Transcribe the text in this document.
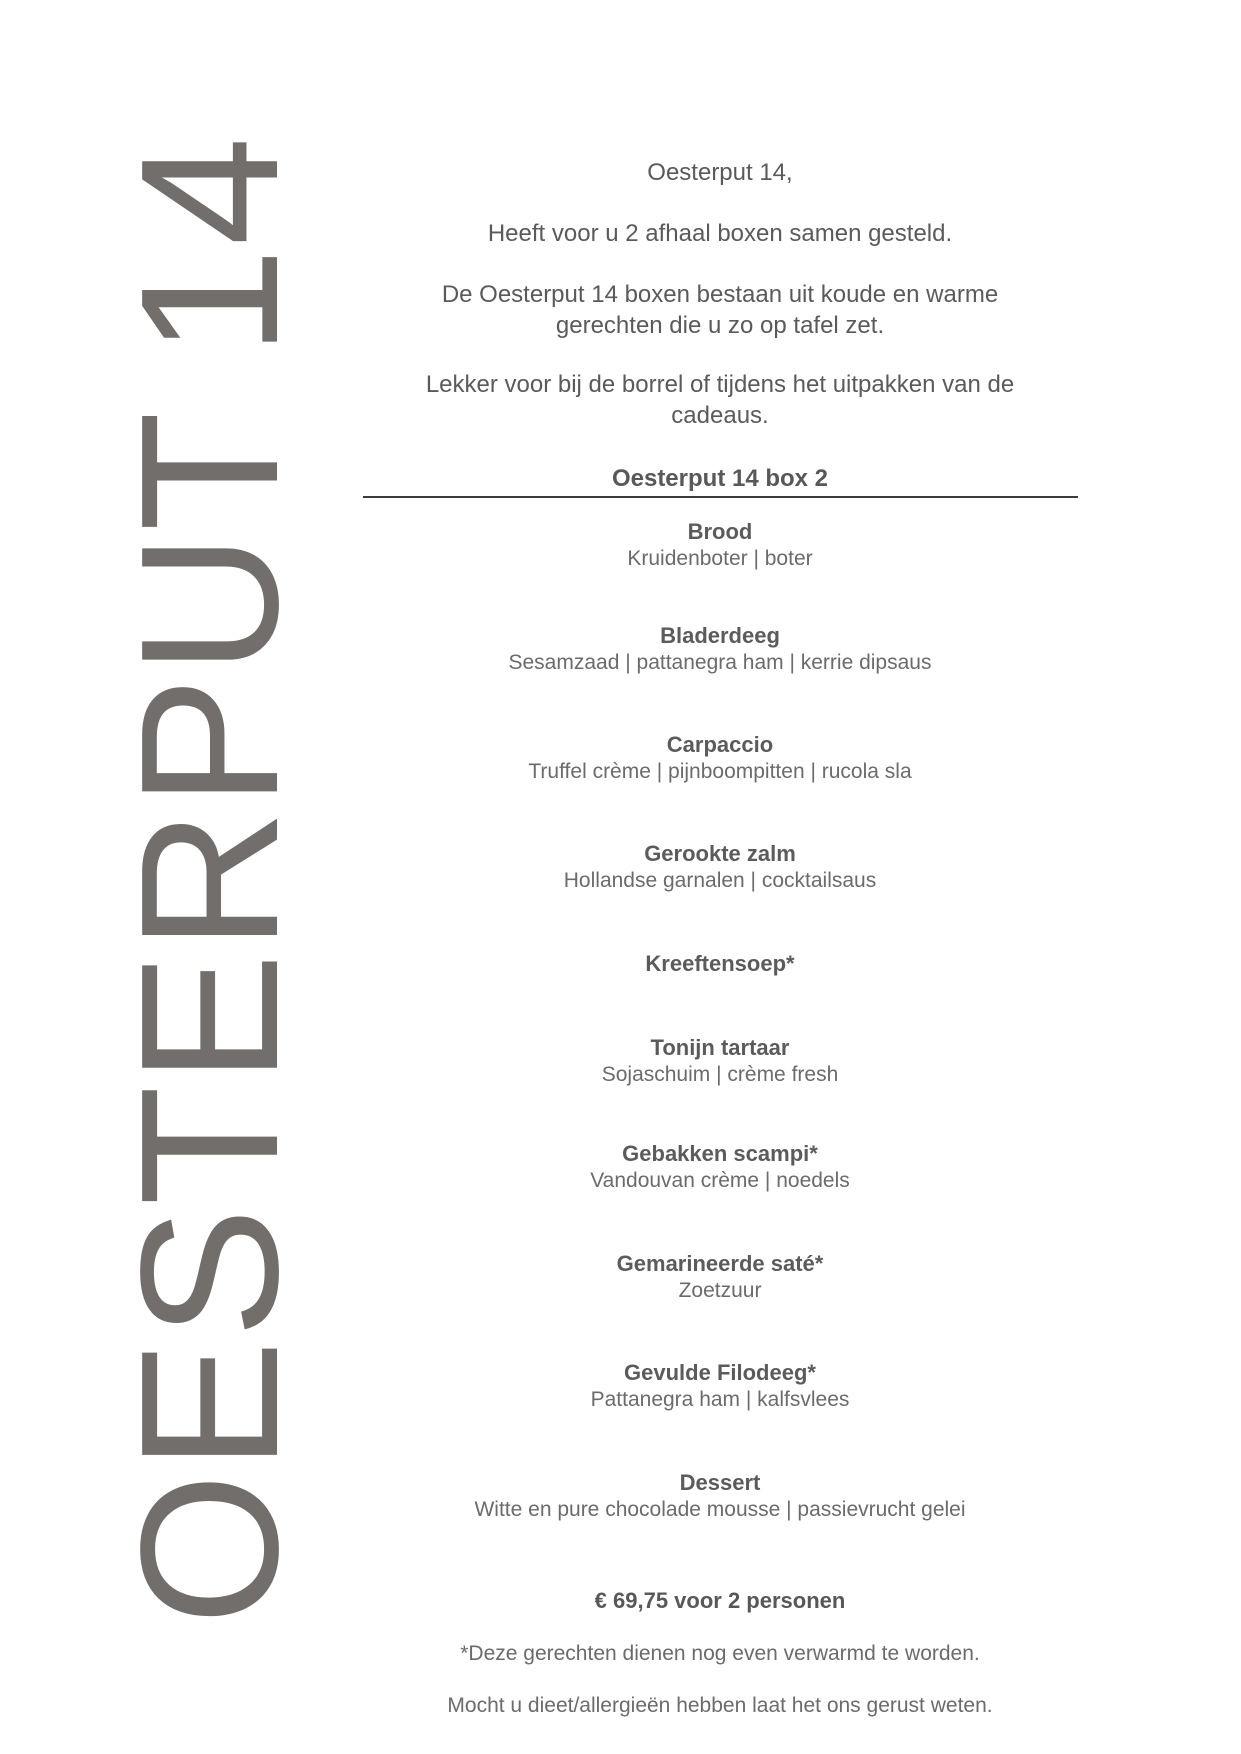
OESTERPUT 14	Oesterput 14,

Heeft voor u 2 afhaal boxen samen gesteld.

De Oesterput 14 boxen bestaan uit koude en warme

gerechten die u zo op tafel zet.

Lekker voor bij de borrel of tijdens het uitpakken van de

cadeaus.

Oesterput 14 box 2
Brood
Kruidenboter | boter
Bladerdeeg
Sesamzaad | pattanegra ham | kerrie dipsaus
Carpaccio
Truffel crème | pijnboompitten | rucola sla
Gerookte zalm
Hollandse garnalen | cocktailsaus
Kreeftensoep*
Tonijn tartaar
Sojaschuim | crème fresh
Gebakken scampi*
Vandouvan crème | noedels
Gemarineerde saté*
Zoetzuur
Gevulde Filodeeg*
Pattanegra ham | kalfsvlees
Dessert
Witte en pure chocolade mousse | passievrucht gelei
€ 69,75 voor 2 personen
*Deze gerechten dienen nog even verwarmd te worden.
Mocht u dieet/allergieën hebben laat het ons gerust weten.
